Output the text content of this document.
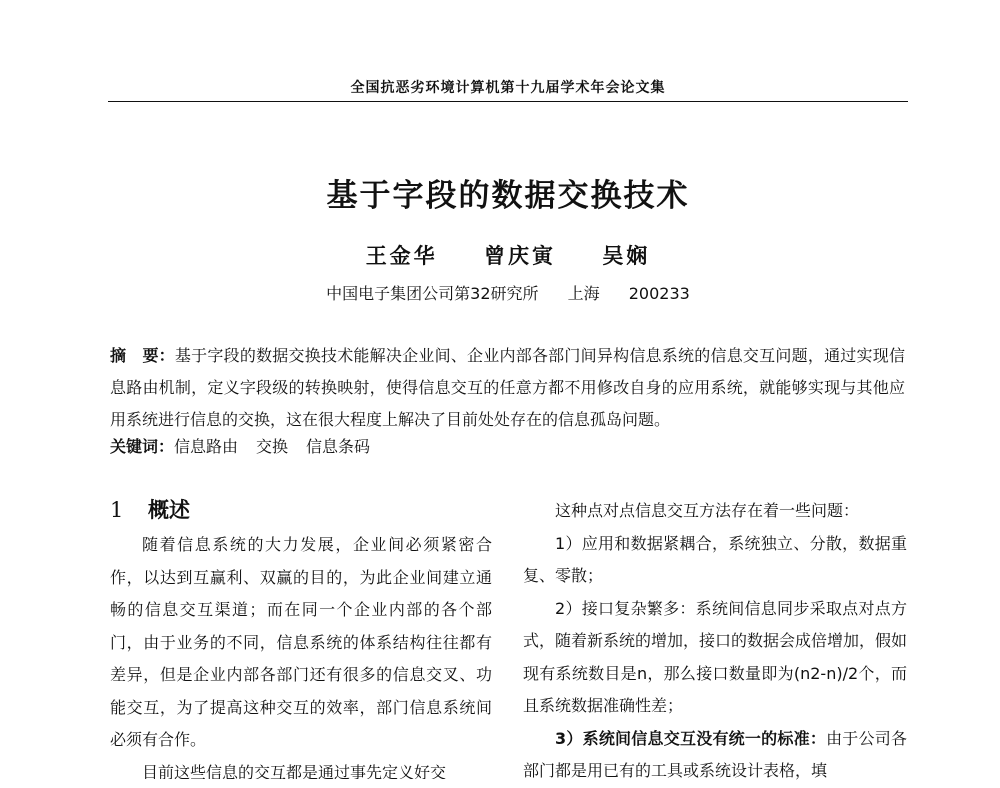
全国抗恶劣环境计算机第十九届学术年会论文集
基于字段的数据交换技术
王金华 曾庆寅 吴娴
中国电子集团公司第32研究所 上海 200233
摘　要：基于字段的数据交换技术能解决企业间、企业内部各部门间异构信息系统的信息交互问题，通过实现信息路由机制，定义字段级的转换映射，使得信息交互的任意方都不用修改自身的应用系统，就能够实现与其他应用系统进行信息的交换，这在很大程度上解决了目前处处存在的信息孤岛问题。
关键词：信息路由 交换 信息条码
1 概述

随着信息系统的大力发展，企业间必须紧密合作，以达到互赢利、双赢的目的，为此企业间建立通畅的信息交互渠道；而在同一个企业内部的各个部门，由于业务的不同，信息系统的体系结构往往都有差异，但是企业内部各部门还有很多的信息交叉、功能交互，为了提高这种交互的效率，部门信息系统间必须有合作。

目前这些信息的交互都是通过事先定义好交

这种点对点信息交互方法存在着一些问题：

1）应用和数据紧耦合，系统独立、分散，数据重复、零散；

2）接口复杂繁多：系统间信息同步采取点对点方式，随着新系统的增加，接口的数据会成倍增加，假如现有系统数目是n，那么接口数量即为(n2-n)/2个，而且系统数据准确性差；

3）系统间信息交互没有统一的标准：由于公司各部门都是用已有的工具或系统设计表格，填
